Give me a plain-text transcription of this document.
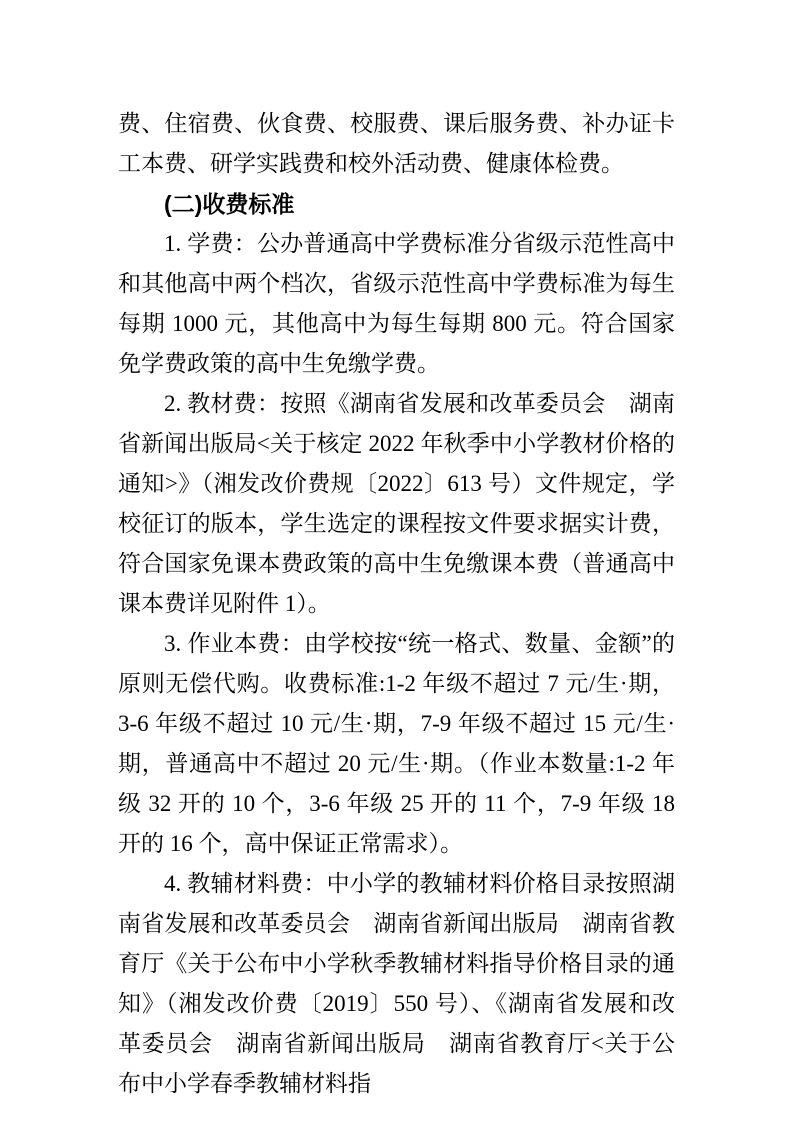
费、住宿费、伙食费、校服费、课后服务费、补办证卡工本费、研学实践费和校外活动费、健康体检费。

(二)收费标准

1. 学费：公办普通高中学费标准分省级示范性高中和其他高中两个档次，省级示范性高中学费标准为每生每期 1000 元，其他高中为每生每期 800 元。符合国家免学费政策的高中生免缴学费。

2. 教材费：按照《湖南省发展和改革委员会　湖南省新闻出版局<关于核定 2022 年秋季中小学教材价格的通知>》（湘发改价费规〔2022〕613 号）文件规定，学校征订的版本，学生选定的课程按文件要求据实计费，符合国家免课本费政策的高中生免缴课本费（普通高中课本费详见附件 1）。

3. 作业本费：由学校按“统一格式、数量、金额”的原则无偿代购。收费标准:1-2 年级不超过 7 元/生·期，3-6 年级不超过 10 元/生·期，7-9 年级不超过 15 元/生·期，普通高中不超过 20 元/生·期。（作业本数量:1-2 年级 32 开的 10 个，3-6 年级 25 开的 11 个，7-9 年级 18 开的 16 个，高中保证正常需求）。

4. 教辅材料费：中小学的教辅材料价格目录按照湖南省发展和改革委员会　湖南省新闻出版局　湖南省教育厅《关于公布中小学秋季教辅材料指导价格目录的通知》（湘发改价费〔2019〕550 号）、《湖南省发展和改革委员会　湖南省新闻出版局　湖南省教育厅<关于公布中小学春季教辅材料指
